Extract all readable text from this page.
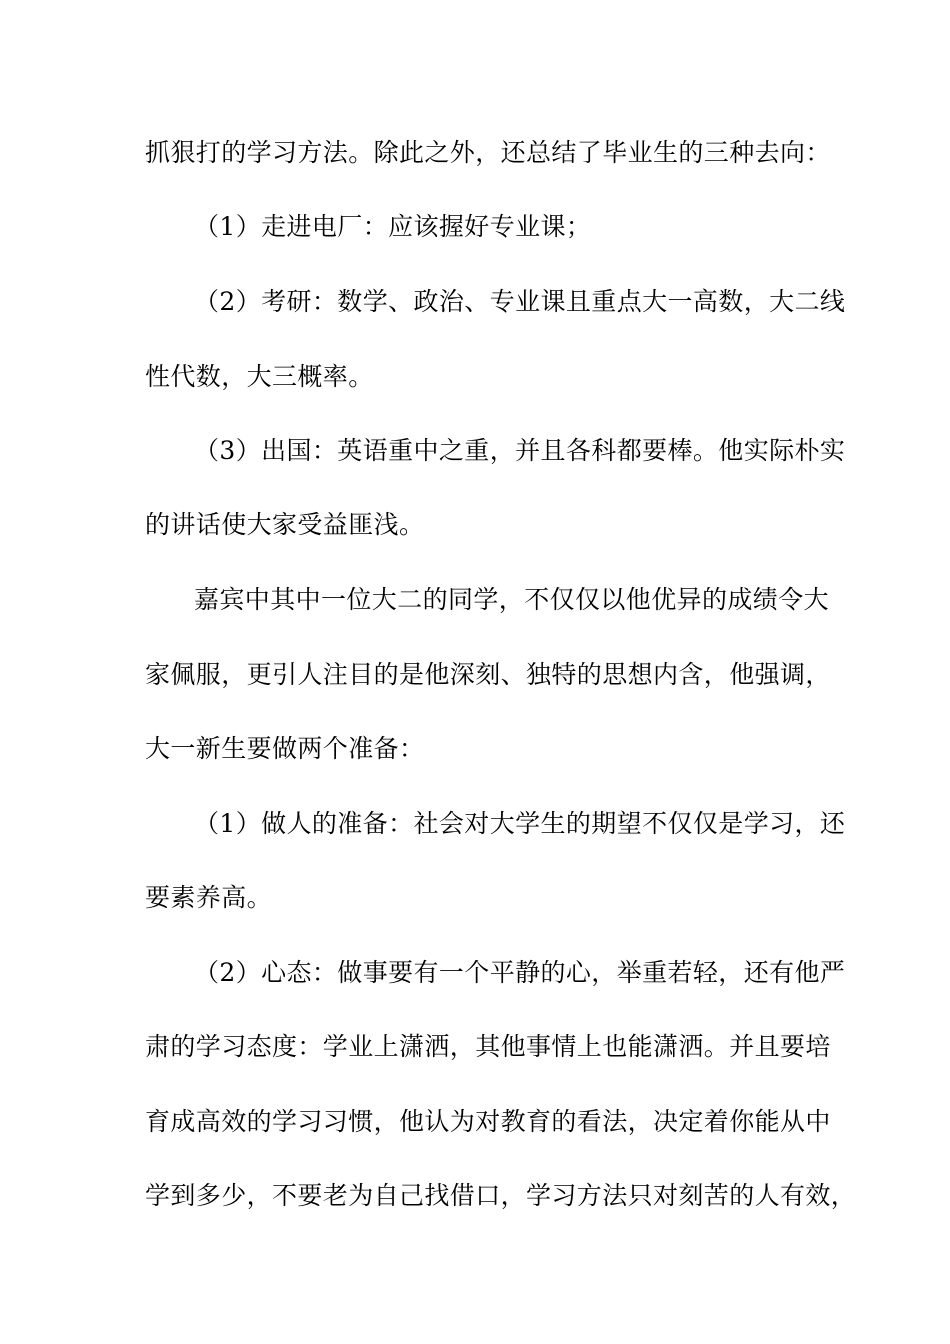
抓狠打的学习方法。除此之外，还总结了毕业生的三种去向：
（1）走进电厂：应该握好专业课；
（2）考研：数学、政治、专业课且重点大一高数，大二线
性代数，大三概率。
（3）出国：英语重中之重，并且各科都要棒。他实际朴实
的讲话使大家受益匪浅。
嘉宾中其中一位大二的同学，不仅仅以他优异的成绩令大
家佩服，更引人注目的是他深刻、独特的思想内含，他强调，
大一新生要做两个准备：
（1）做人的准备：社会对大学生的期望不仅仅是学习，还
要素养高。
（2）心态：做事要有一个平静的心，举重若轻，还有他严
肃的学习态度：学业上潇洒，其他事情上也能潇洒。并且要培
育成高效的学习习惯，他认为对教育的看法，决定着你能从中
学到多少，不要老为自己找借口，学习方法只对刻苦的人有效，
